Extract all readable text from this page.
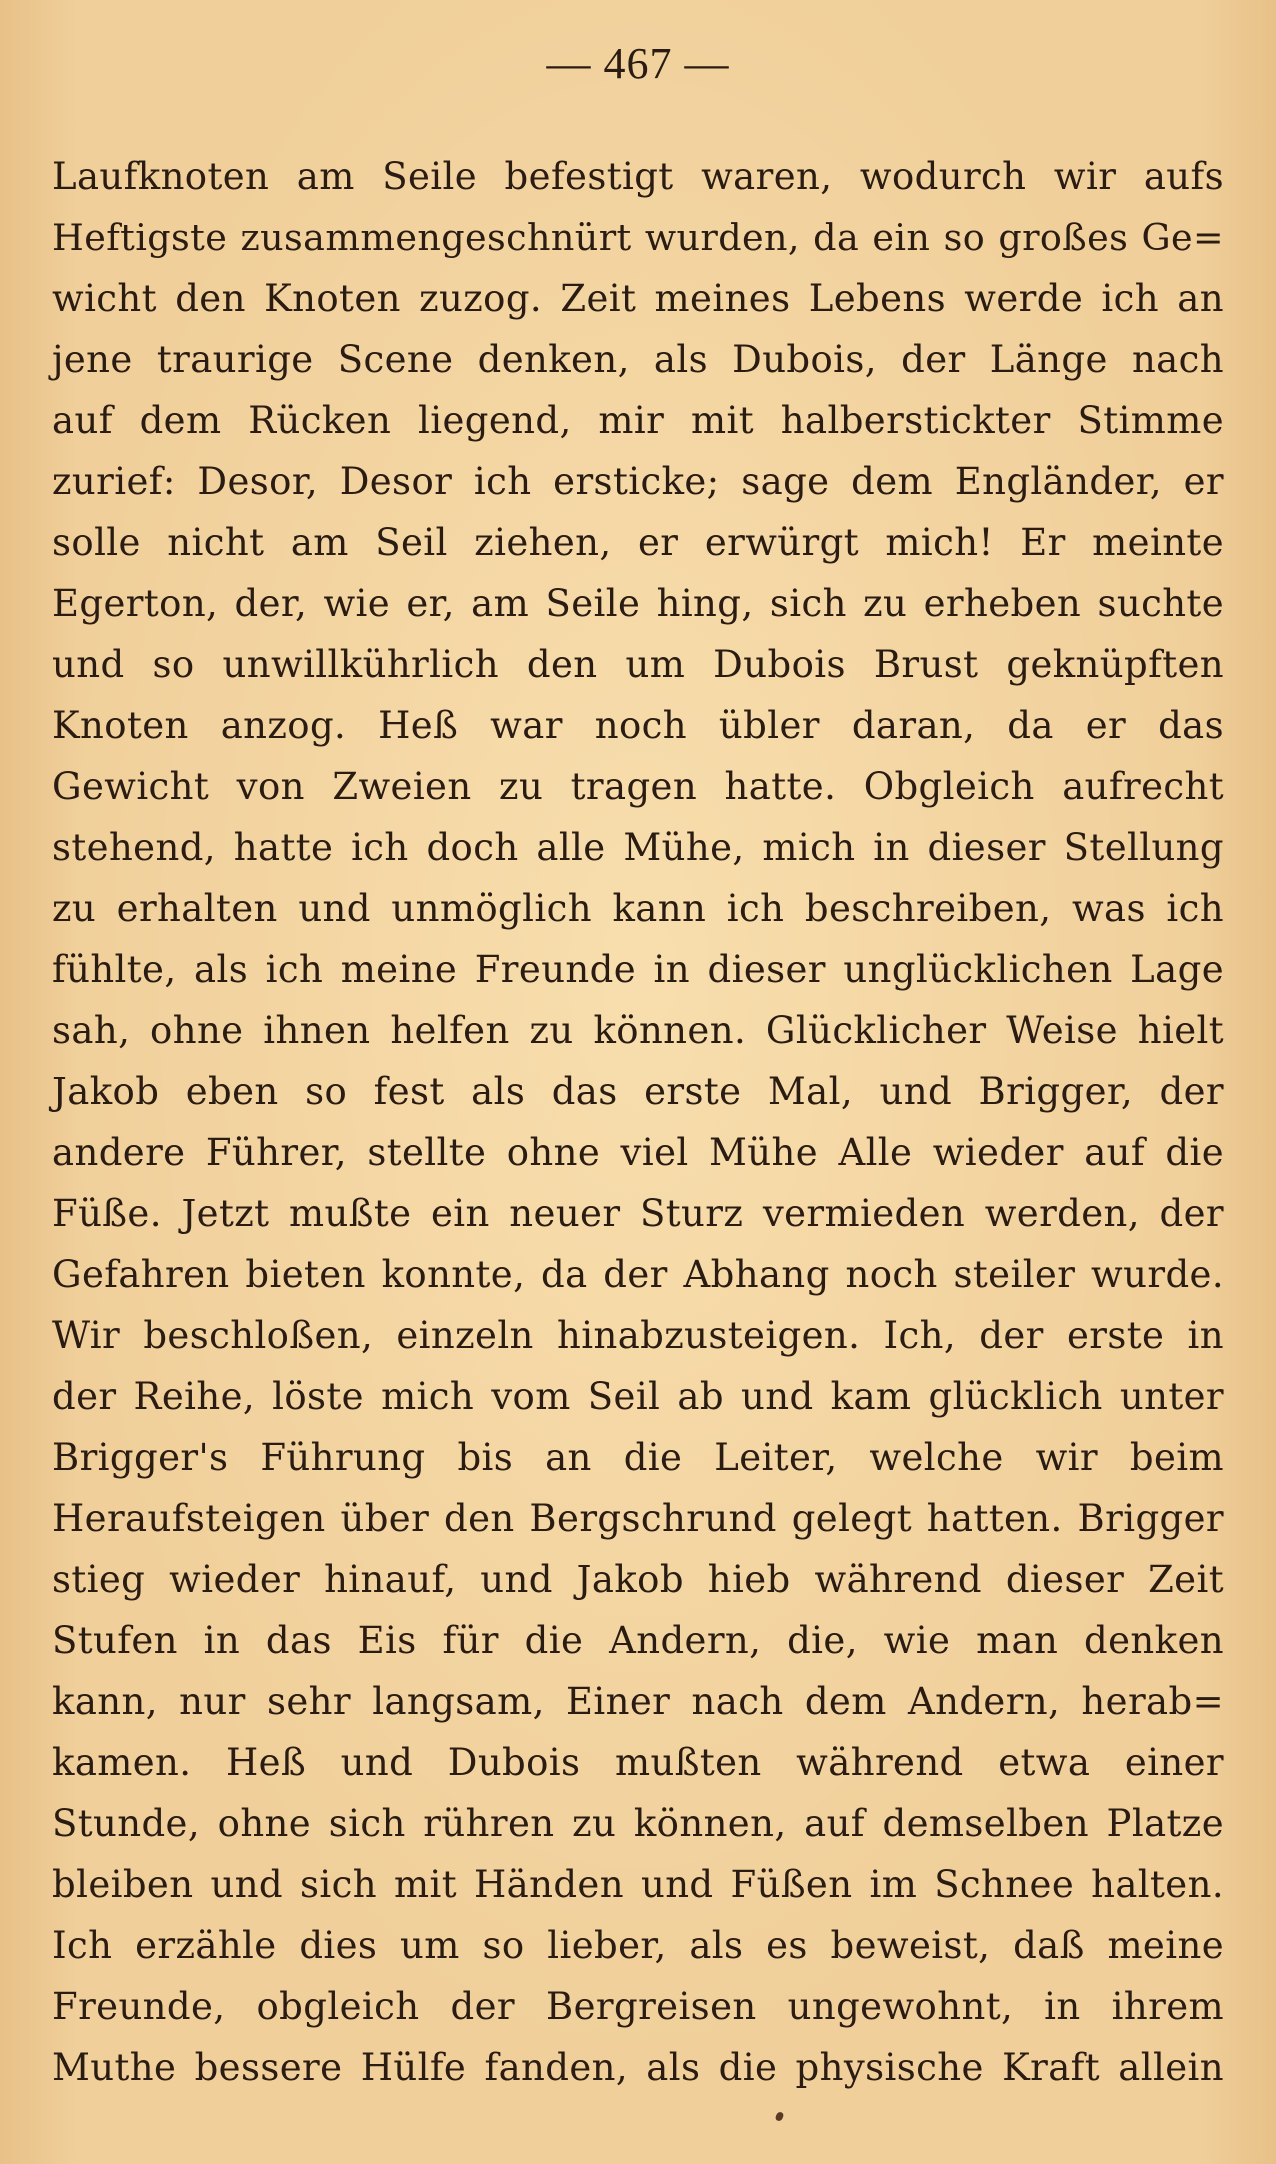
— 467 —
Laufknoten am Seile befestigt waren, wodurch wir aufs
Heftigste zusammengeschnürt wurden, da ein so großes Ge=
wicht den Knoten zuzog. Zeit meines Lebens werde ich an
jene traurige Scene denken, als Dubois, der Länge nach
auf dem Rücken liegend, mir mit halberstickter Stimme
zurief: Desor, Desor ich ersticke; sage dem Engländer, er
solle nicht am Seil ziehen, er erwürgt mich! Er meinte
Egerton, der, wie er, am Seile hing, sich zu erheben suchte
und so unwillkührlich den um Dubois Brust geknüpften
Knoten anzog. Heß war noch übler daran, da er das
Gewicht von Zweien zu tragen hatte. Obgleich aufrecht
stehend, hatte ich doch alle Mühe, mich in dieser Stellung
zu erhalten und unmöglich kann ich beschreiben, was ich
fühlte, als ich meine Freunde in dieser unglücklichen Lage
sah, ohne ihnen helfen zu können. Glücklicher Weise hielt
Jakob eben so fest als das erste Mal, und Brigger, der
andere Führer, stellte ohne viel Mühe Alle wieder auf die
Füße. Jetzt mußte ein neuer Sturz vermieden werden, der
Gefahren bieten konnte, da der Abhang noch steiler wurde.
Wir beschloßen, einzeln hinabzusteigen. Ich, der erste in
der Reihe, löste mich vom Seil ab und kam glücklich unter
Brigger's Führung bis an die Leiter, welche wir beim
Heraufsteigen über den Bergschrund gelegt hatten. Brigger
stieg wieder hinauf, und Jakob hieb während dieser Zeit
Stufen in das Eis für die Andern, die, wie man denken
kann, nur sehr langsam, Einer nach dem Andern, herab=
kamen. Heß und Dubois mußten während etwa einer
Stunde, ohne sich rühren zu können, auf demselben Platze
bleiben und sich mit Händen und Füßen im Schnee halten.
Ich erzähle dies um so lieber, als es beweist, daß meine
Freunde, obgleich der Bergreisen ungewohnt, in ihrem
Muthe bessere Hülfe fanden, als die physische Kraft allein
